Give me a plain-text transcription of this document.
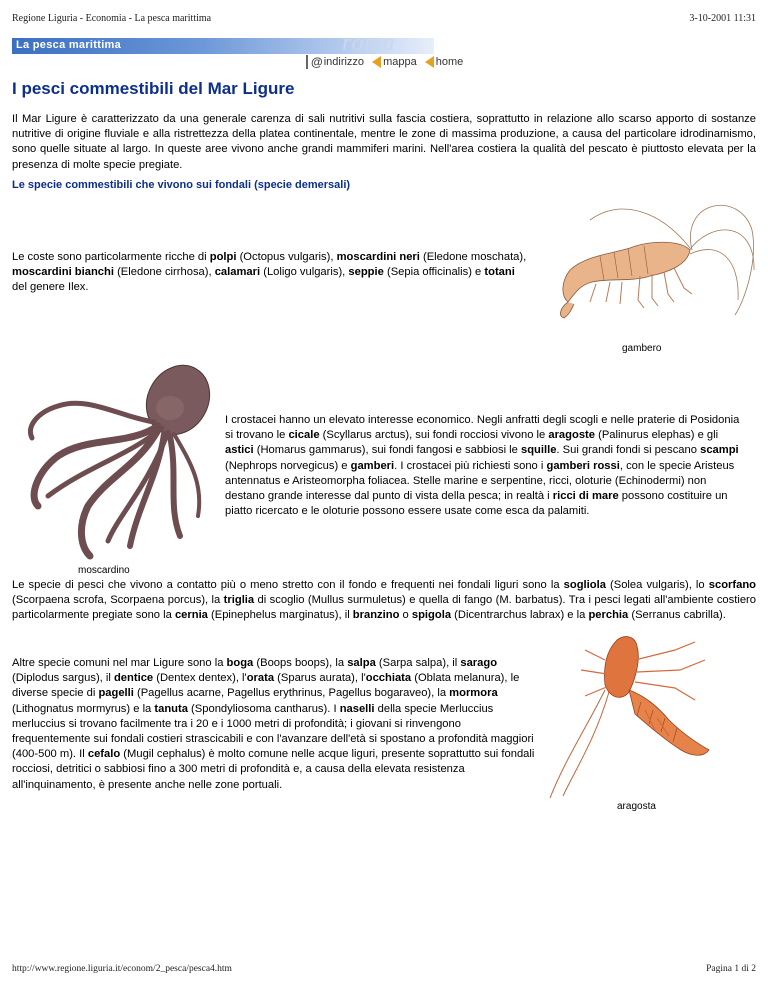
Regione Liguria - Economia - La pesca marittima	3-10-2001 11:31
La pesca marittima	roma
@ indirizzo mappa home
I pesci commestibili del Mar Ligure

Il Mar Ligure è caratterizzato da una generale carenza di sali nutritivi sulla fascia costiera, soprattutto in relazione allo scarso apporto di sostanze nutritive di origine fluviale e alla ristrettezza della platea continentale, mentre le zone di massima produzione, a causa del particolare idrodinamismo, sono quelle situate al largo. In queste aree vivono anche grandi mammiferi marini. Nell'area costiera la qualità del pescato è piuttosto elevata per la presenza di molte specie pregiate.

Le specie commestibili che vivono sui fondali (specie demersali)

Le coste sono particolarmente ricche di polpi (Octopus vulgaris), moscardini neri (Eledone moschata), moscardini bianchi (Eledone cirrhosa), calamari (Loligo vulgaris), seppie (Sepia officinalis) e totani del genere Ilex.

gambero
moscardino

I crostacei hanno un elevato interesse economico. Negli anfratti degli scogli e nelle praterie di Posidonia si trovano le cicale (Scyllarus arctus), sui fondi rocciosi vivono le aragoste (Palinurus elephas) e gli astici (Homarus gammarus), sui fondi fangosi e sabbiosi le squille. Sui grandi fondi si pescano scampi (Nephrops norvegicus) e gamberi. I crostacei più richiesti sono i gamberi rossi, con le specie Aristeus antennatus e Aristeomorpha foliacea. Stelle marine e serpentine, ricci, oloturie (Echinodermi) non destano grande interesse dal punto di vista della pesca; in realtà i ricci di mare possono costituire un piatto ricercato e le oloturie possono essere usate come esca da palamiti.

Le specie di pesci che vivono a contatto più o meno stretto con il fondo e frequenti nei fondali liguri sono la sogliola (Solea vulgaris), lo scorfano (Scorpaena scrofa, Scorpaena porcus), la triglia di scoglio (Mullus surmuletus) e quella di fango (M. barbatus). Tra i pesci legati all'ambiente costiero particolarmente pregiate sono la cernia (Epinephelus marginatus), il branzino o spigola (Dicentrarchus labrax) e la perchia (Serranus cabrilla).

Altre specie comuni nel mar Ligure sono la boga (Boops boops), la salpa (Sarpa salpa), il sarago (Diplodus sargus), il dentice (Dentex dentex), l'orata (Sparus aurata), l'occhiata (Oblata melanura), le diverse specie di pagelli (Pagellus acarne, Pagellus erythrinus, Pagellus bogaraveo), la mormora (Lithognatus mormyrus) e la tanuta (Spondyliosoma cantharus). I naselli della specie Merluccius merluccius si trovano facilmente tra i 20 e i 1000 metri di profondità; i giovani si rinvengono frequentemente sui fondali costieri strascicabili e con l'avanzare dell'età si spostano a profondità maggiori (400-500 m). Il cefalo (Mugil cephalus) è molto comune nelle acque liguri, presente soprattutto sui fondali rocciosi, detritici o sabbiosi fino a 300 metri di profondità e, a causa della elevata resistenza all'inquinamento, è presente anche nelle zone portuali.

aragosta
http://www.regione.liguria.it/econom/2_pesca/pesca4.htm	Pagina 1 di 2
